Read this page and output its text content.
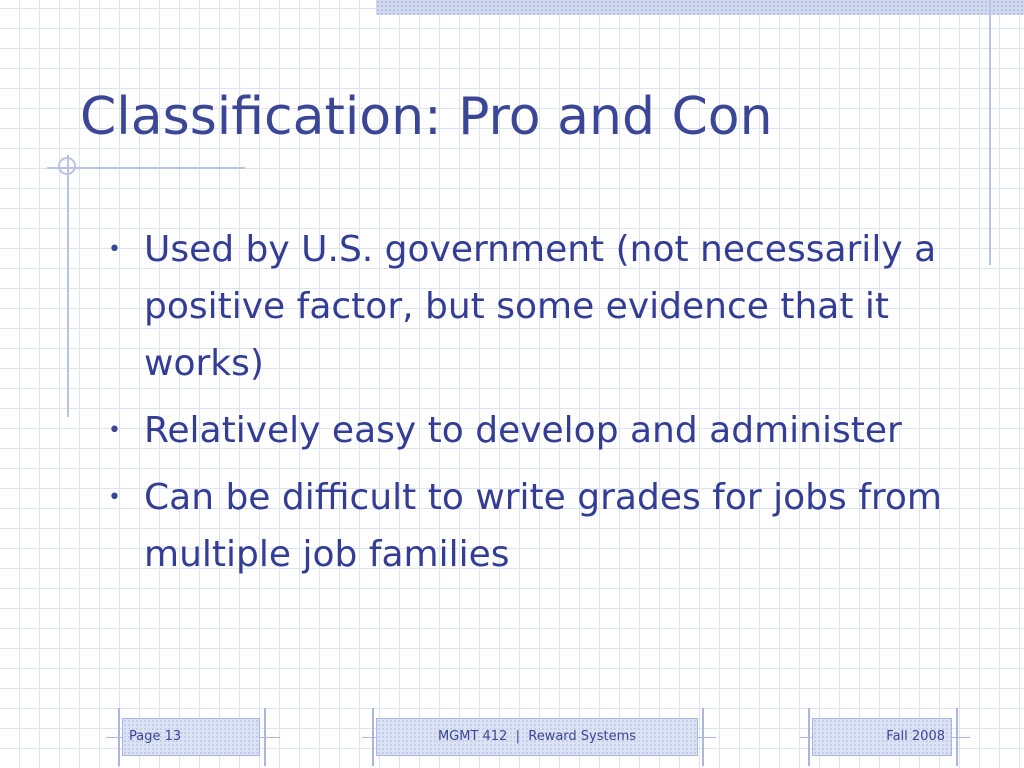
Classification: Pro and Con
• Used by U.S. government (not necessarily a positive factor, but some evidence that it works)
• Relatively easy to develop and administer
• Can be difficult to write grades for jobs from multiple job families
Page 13	MGMT 412  |  Reward Systems	Fall 2008
